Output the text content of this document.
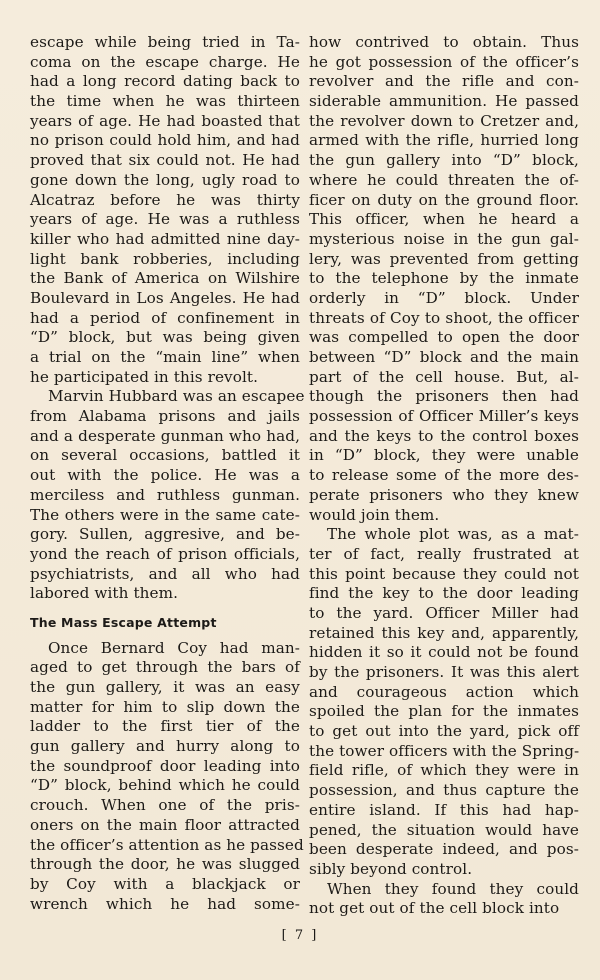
escape while being tried in Ta-
coma on the escape charge. He
had a long record dating back to
the time when he was thirteen
years of age. He had boasted that
no prison could hold him, and had
proved that six could not. He had
gone down the long, ugly road to
Alcatraz before he was thirty
years of age. He was a ruthless
killer who had admitted nine day-
light bank robberies, including
the Bank of America on Wilshire
Boulevard in Los Angeles. He had
had a period of confinement in
“D” block, but was being given
a trial on the “main line” when
he participated in this revolt.
Marvin Hubbard was an escapee
from Alabama prisons and jails
and a desperate gunman who had,
on several occasions, battled it
out with the police. He was a
merciless and ruthless gunman.
The others were in the same cate-
gory. Sullen, aggresive, and be-
yond the reach of prison officials,
psychiatrists, and all who had
labored with them.
The Mass Escape Attempt
Once Bernard Coy had man-
aged to get through the bars of
the gun gallery, it was an easy
matter for him to slip down the
ladder to the first tier of the
gun gallery and hurry along to
the soundproof door leading into
“D” block, behind which he could
crouch. When one of the pris-
oners on the main floor attracted
the officer’s attention as he passed
through the door, he was slugged
by Coy with a blackjack or
wrench which he had some-
how contrived to obtain. Thus
he got possession of the officer’s
revolver and the rifle and con-
siderable ammunition. He passed
the revolver down to Cretzer and,
armed with the rifle, hurried long
the gun gallery into “D” block,
where he could threaten the of-
ficer on duty on the ground floor.
This officer, when he heard a
mysterious noise in the gun gal-
lery, was prevented from getting
to the telephone by the inmate
orderly in “D” block. Under
threats of Coy to shoot, the officer
was compelled to open the door
between “D” block and the main
part of the cell house. But, al-
though the prisoners then had
possession of Officer Miller’s keys
and the keys to the control boxes
in “D” block, they were unable
to release some of the more des-
perate prisoners who they knew
would join them.
The whole plot was, as a mat-
ter of fact, really frustrated at
this point because they could not
find the key to the door leading
to the yard. Officer Miller had
retained this key and, apparently,
hidden it so it could not be found
by the prisoners. It was this alert
and courageous action which
spoiled the plan for the inmates
to get out into the yard, pick off
the tower officers with the Spring-
field rifle, of which they were in
possession, and thus capture the
entire island. If this had hap-
pened, the situation would have
been desperate indeed, and pos-
sibly beyond control.
When they found they could
not get out of the cell block into
[ 7 ]
